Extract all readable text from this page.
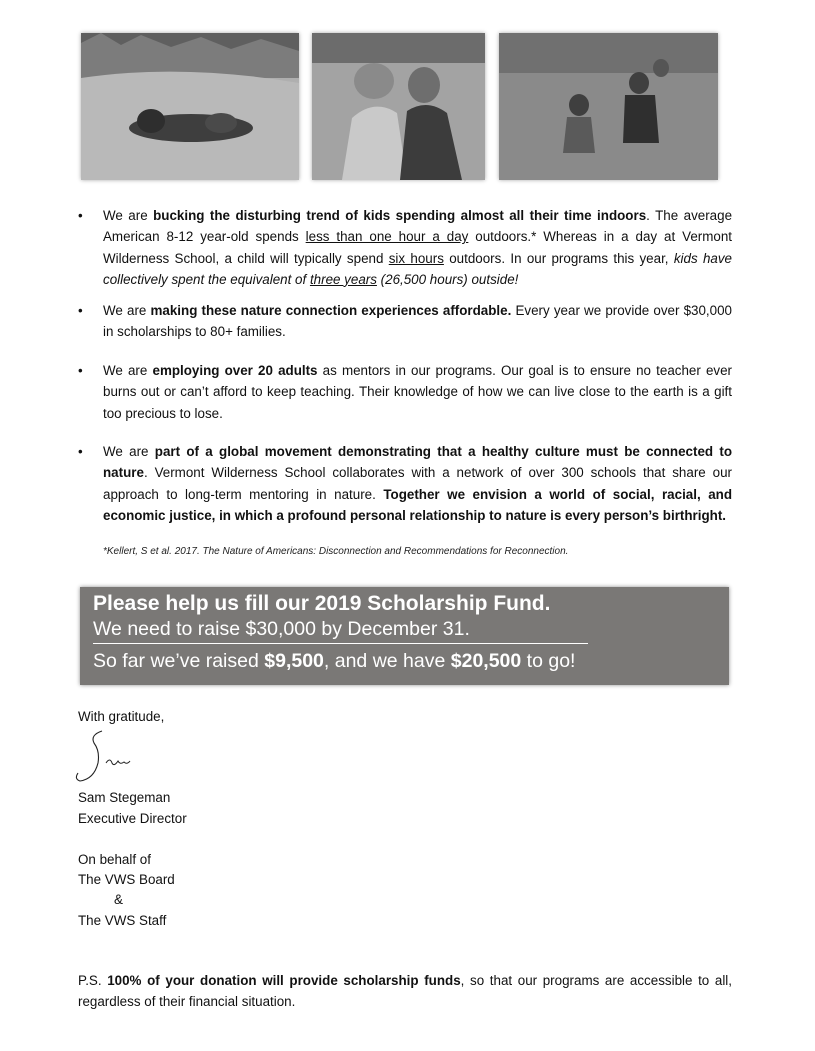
• We are bucking the disturbing trend of kids spending almost all their time indoors. The average American 8-12 year-old spends less than one hour a day outdoors.* Whereas in a day at Vermont Wilderness School, a child will typically spend six hours outdoors. In our programs this year, kids have collectively spent the equivalent of three years (26,500 hours) outside!
• We are making these nature connection experiences affordable. Every year we provide over $30,000 in scholarships to 80+ families.
• We are employing over 20 adults as mentors in our programs. Our goal is to ensure no teacher ever burns out or can’t afford to keep teaching. Their knowledge of how we can live close to the earth is a gift too precious to lose.
• We are part of a global movement demonstrating that a healthy culture must be connected to nature. Vermont Wilderness School collaborates with a network of over 300 schools that share our approach to long-term mentoring in nature. Together we envision a world of social, racial, and economic justice, in which a profound personal relationship to nature is every person’s birthright.
*Kellert, S et al. 2017. The Nature of Americans: Disconnection and Recommendations for Reconnection.
Please help us fill our 2019 Scholarship Fund.
We need to raise $30,000 by December 31.
So far we’ve raised $9,500, and we have $20,500 to go!
With gratitude,
Sam Stegeman
Executive Director
On behalf of
The VWS Board
&
The VWS Staff
P.S. 100% of your donation will provide scholarship funds, so that our programs are accessible to all, regardless of their financial situation.
